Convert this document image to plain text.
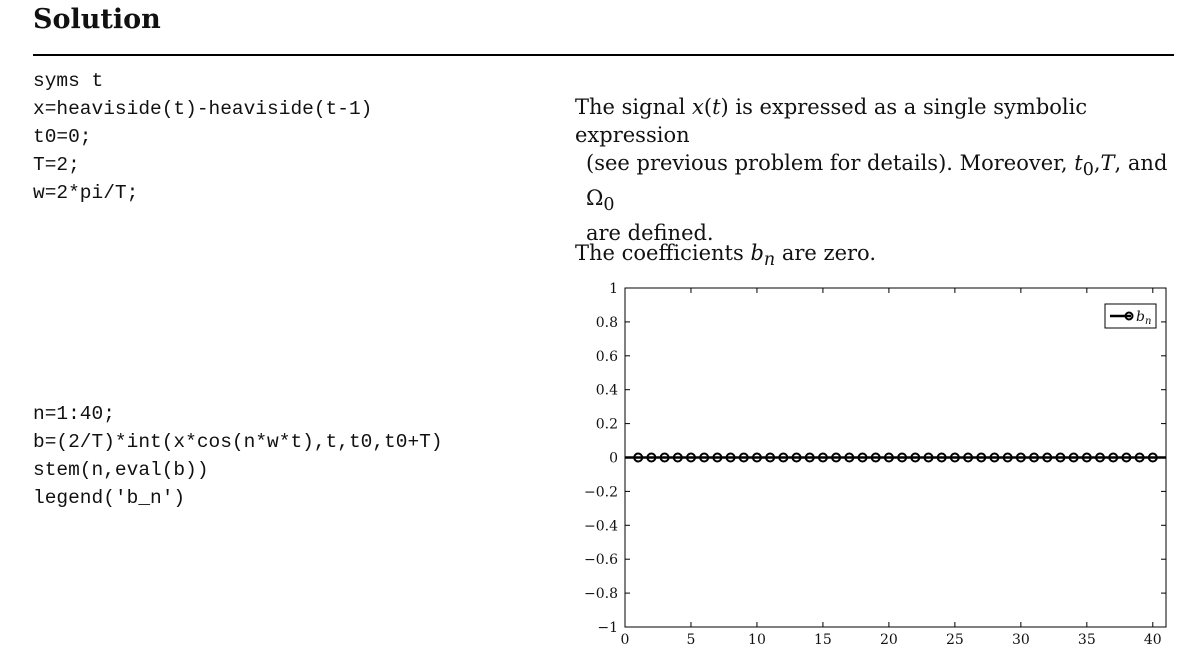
Solution
syms t
x=heaviside(t)-heaviside(t-1)
t0=0;
T=2;
w=2*pi/T;
n=1:40;
b=(2/T)*int(x*cos(n*w*t),t,t0,t0+T)
stem(n,eval(b))
legend('b_n')
The signal x(t) is expressed as a single symbolic expression

(see previous problem for details). Moreover, $t_0,T$, and $\Omega_0$
are defined.
The coefficients $b_n$ are zero.
0	5	10	15	20	25	30	35	40
1
0.8
0.6
0.4
0.2
0
−0.2
−0.4
−0.6
−0.8
−1
$b_n$
